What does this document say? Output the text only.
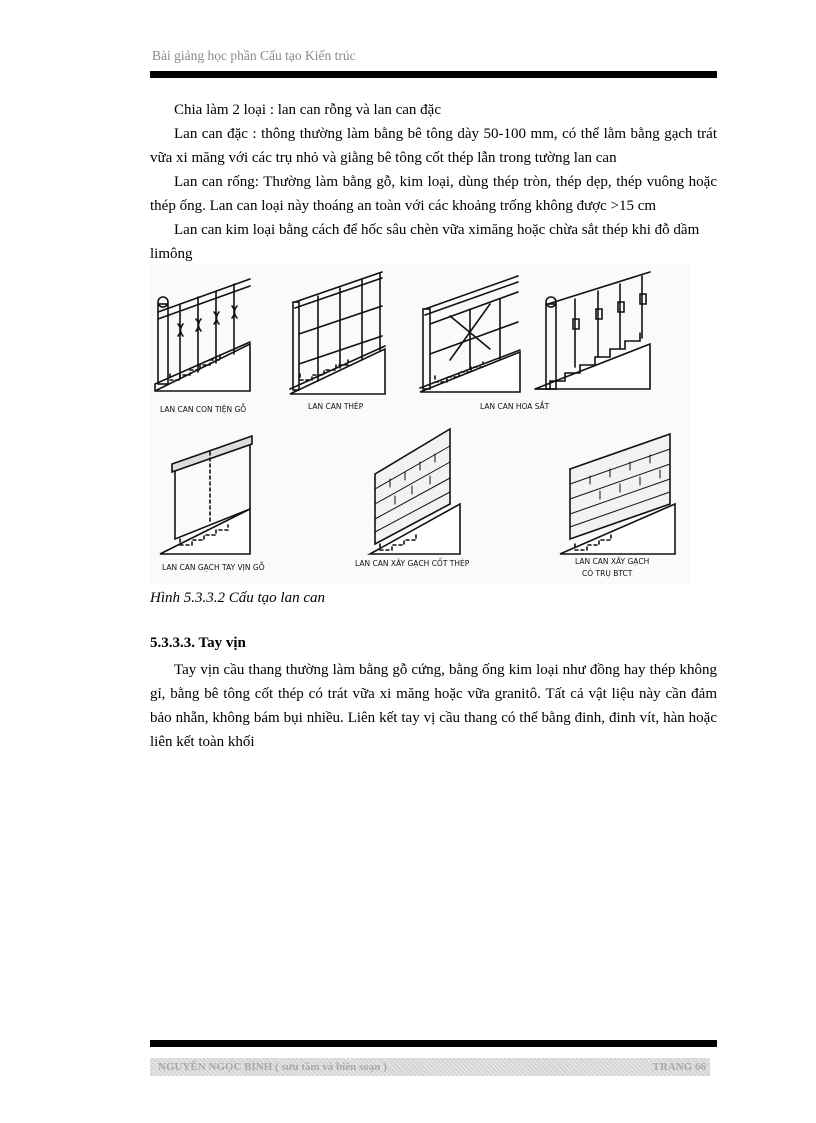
Bài giảng học phần Cấu tạo Kiến trúc

Chia làm 2 loại : lan can rỗng và lan can đặc

Lan can đặc : thông thường làm bằng bê tông dày 50-100 mm, có thể lằm bằng gạch trát vữa xi măng với các trụ nhỏ và giằng bê tông cốt thép lẫn trong tường lan can

Lan can rống: Thường làm bằng gỗ, kim loại, dùng thép tròn, thép dẹp, thép vuông hoặc thép ống. Lan can loại này thoáng an toàn với các khoảng trống không được >15 cm

Lan can kim loại bằng cách để hốc sâu chèn vữa ximăng hoặc chừa sắt thép khi đỗ dầm

limông

LAN CAN CON TIỆN GỖ	LAN CAN THÉP	LAN CAN HOA SẮT
LAN CAN GẠCH TAY VỊN GỖ	LAN CAN XÂY GẠCH CỐT THÉP	LAN CAN XÂY GẠCH
CÓ TRỤ BTCT
Hình 5.3.3.2 Cấu tạo lan can
5.3.3.3. Tay vịn

Tay vịn cầu thang thường làm bằng gỗ cứng, bằng ống kim loại như đồng hay thép không gỉ, bằng bê tông cốt thép có trát vữa xi măng hoặc vữa granitô. Tất cả vật liệu này cần đảm bảo nhẵn, không bám bụi nhiều. Liên kết tay vị cầu thang có thể bằng đinh, đinh vít, hàn hoặc liên kết toàn khối

NGUYỄN NGỌC BÌNH ( sưu tầm và biên soạn )	TRANG 66
